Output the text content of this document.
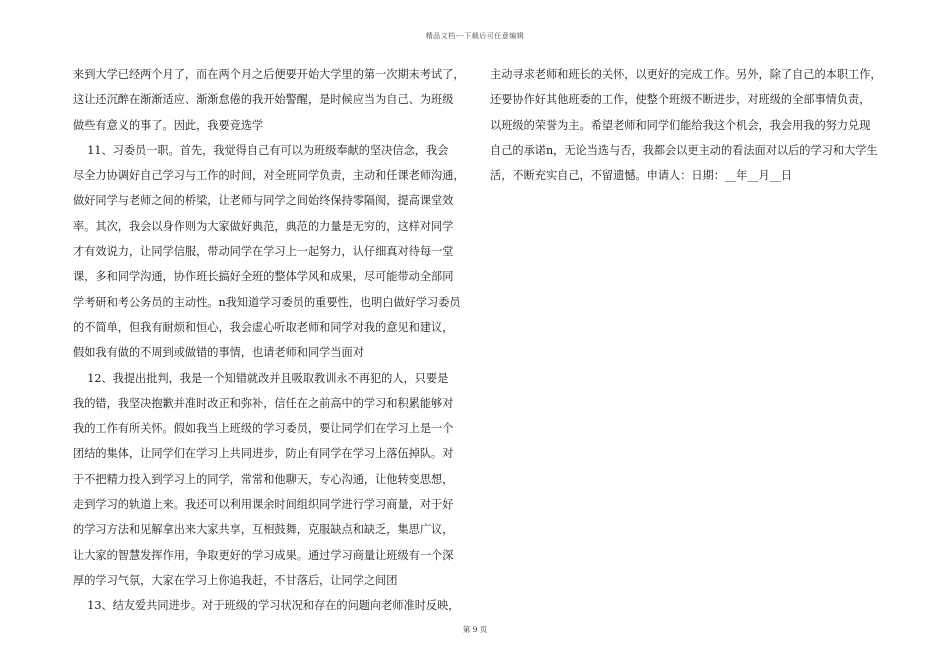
精品文档---下载后可任意编辑

来到大学已经两个月了，而在两个月之后便要开始大学里的第一次期末考试了，

这让还沉醉在渐渐适应、渐渐怠倦的我开始警醒，是时候应当为自己、为班级

做些有意义的事了。因此，我要竞选学

11、习委员一职。首先，我觉得自己有可以为班级奉献的坚决信念，我会

尽全力协调好自己学习与工作的时间，对全班同学负责，主动和任课老师沟通，

做好同学与老师之间的桥梁，让老师与同学之间始终保持零隔阂，提高课堂效

率。其次，我会以身作则为大家做好典范，典范的力量是无穷的，这样对同学

才有效说力，让同学信服，带动同学在学习上一起努力，认仔细真对待每一堂

课，多和同学沟通，协作班长搞好全班的整体学风和成果，尽可能带动全部同

学考研和考公务员的主动性。n我知道学习委员的重要性，也明白做好学习委员

的不简单，但我有耐烦和恒心，我会虚心听取老师和同学对我的意见和建议，

假如我有做的不周到或做错的事情，也请老师和同学当面对

12、我提出批判，我是一个知错就改并且吸取教训永不再犯的人，只要是

我的错，我坚决抱歉并准时改正和弥补，信任在之前高中的学习和积累能够对

我的工作有所关怀。假如我当上班级的学习委员，要让同学们在学习上是一个

团结的集体，让同学们在学习上共同进步，防止有同学在学习上落伍掉队。对

于不把精力投入到学习上的同学，常常和他聊天，专心沟通，让他转变思想，

走到学习的轨道上来。我还可以利用课余时间组织同学进行学习商量，对于好

的学习方法和见解拿出来大家共享，互相鼓舞，克服缺点和缺乏，集思广议，

让大家的智慧发挥作用，争取更好的学习成果。通过学习商量让班级有一个深

厚的学习气氛，大家在学习上你追我赶，不甘落后，让同学之间团

13、结友爱共同进步。对于班级的学习状况和存在的问题向老师准时反映，

主动寻求老师和班长的关怀，以更好的完成工作。另外，除了自己的本职工作，

还要协作好其他班委的工作，使整个班级不断进步，对班级的全部事情负责，

以班级的荣誉为主。希望老师和同学们能给我这个机会，我会用我的努力兑现

自己的承诺n，无论当选与否，我都会以更主动的看法面对以后的学习和大学生

活，不断充实自己，不留遗憾。申请人：日期：__年__月__日

第 9 页
